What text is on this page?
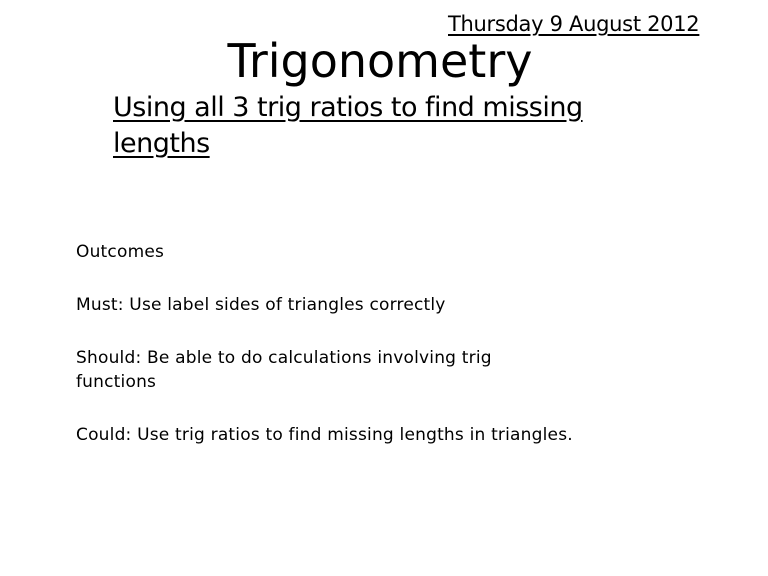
Thursday 9 August 2012
Trigonometry
Using all 3 trig ratios to find missing lengths

Outcomes

Must: Use label sides of triangles correctly

Should: Be able to do calculations involving trig functions

Could: Use trig ratios to find missing lengths in triangles.
